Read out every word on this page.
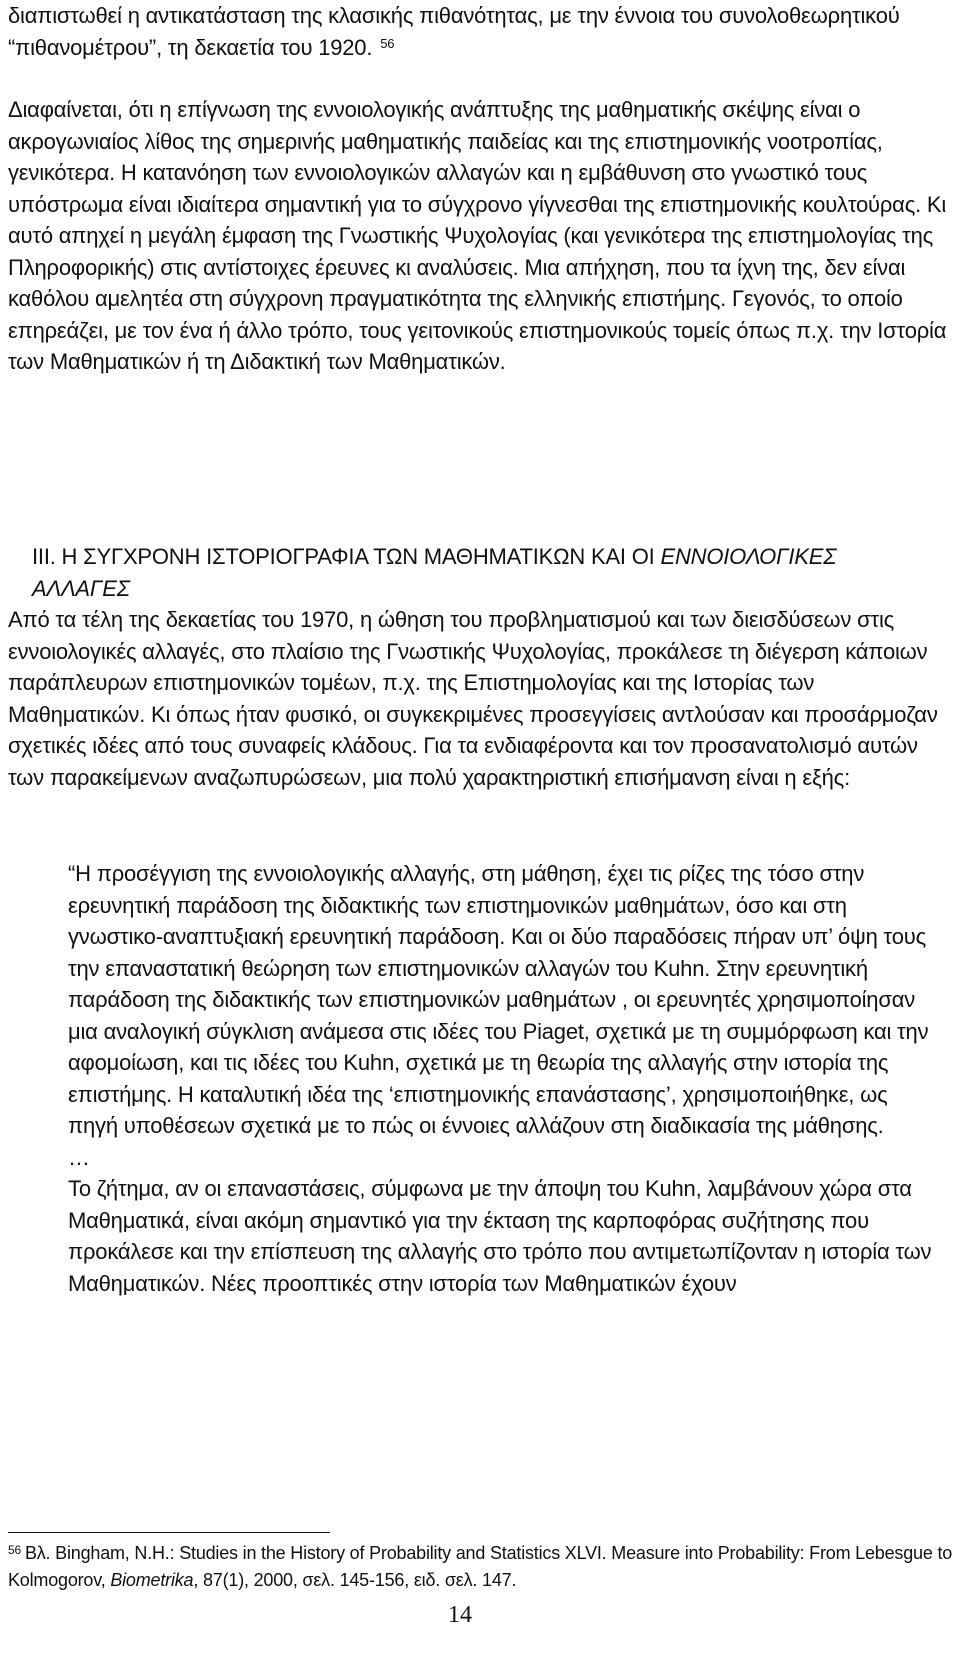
διαπιστωθεί η αντικατάσταση της κλασικής πιθανότητας, με την έννοια του συνολοθεωρητικού “πιθανομέτρου”, τη δεκαετία του 1920. $^{56}$

Διαφαίνεται, ότι η επίγνωση της εννοιολογικής ανάπτυξης της μαθηματικής σκέψης είναι ο ακρογωνιαίος λίθος της σημερινής μαθηματικής παιδείας και της επιστημονικής νοοτροπίας, γενικότερα. Η κατανόηση των εννοιολογικών αλλαγών και η εμβάθυνση στο γνωστικό τους υπόστρωμα είναι ιδιαίτερα σημαντική για το σύγχρονο γίγνεσθαι της επιστημονικής κουλτούρας. Κι αυτό απηχεί η μεγάλη έμφαση της Γνωστικής Ψυχολογίας (και γενικότερα της επιστημολογίας της Πληροφορικής) στις αντίστοιχες έρευνες κι αναλύσεις. Μια απήχηση, που τα ίχνη της, δεν είναι καθόλου αμελητέα στη σύγχρονη πραγματικότητα της ελληνικής επιστήμης. Γεγονός, το οποίο επηρεάζει, με τον ένα ή άλλο τρόπο, τους γειτονικούς επιστημονικούς τομείς όπως π.χ. την Ιστορία των Μαθηματικών ή τη Διδακτική των Μαθηματικών.

ΙΙΙ. Η ΣΥΓΧΡΟΝΗ ΙΣΤΟΡΙΟΓΡΑΦΙΑ ΤΩΝ ΜΑΘΗΜΑΤΙΚΩΝ ΚΑΙ ΟΙ ΕΝΝΟΙΟΛΟΓΙΚΕΣ ΑΛΛΑΓΕΣ

Από τα τέλη της δεκαετίας του 1970, η ώθηση του προβληματισμού και των διεισδύσεων στις εννοιολογικές αλλαγές, στο πλαίσιο της Γνωστικής Ψυχολογίας, προκάλεσε τη διέγερση κάποιων παράπλευρων επιστημονικών τομέων, π.χ. της Επιστημολογίας και της Ιστορίας των Μαθηματικών. Κι όπως ήταν φυσικό, οι συγκεκριμένες προσεγγίσεις αντλούσαν και προσάρμοζαν σχετικές ιδέες από τους συναφείς κλάδους. Για τα ενδιαφέροντα και τον προσανατολισμό αυτών των παρακείμενων αναζωπυρώσεων, μια πολύ χαρακτηριστική επισήμανση είναι η εξής:

“Η προσέγγιση της εννοιολογικής αλλαγής, στη μάθηση, έχει τις ρίζες της τόσο στην ερευνητική παράδοση της διδακτικής των επιστημονικών μαθημάτων, όσο και στη γνωστικο-αναπτυξιακή ερευνητική παράδοση. Και οι δύο παραδόσεις πήραν υπ’ όψη τους την επαναστατική θεώρηση των επιστημονικών αλλαγών του Kuhn. Στην ερευνητική παράδοση της διδακτικής των επιστημονικών μαθημάτων , οι ερευνητές χρησιμοποίησαν μια αναλογική σύγκλιση ανάμεσα στις ιδέες του Piaget, σχετικά με τη συμμόρφωση και την αφομοίωση, και τις ιδέες του Kuhn, σχετικά με τη θεωρία της αλλαγής στην ιστορία της επιστήμης. Η καταλυτική ιδέα της ‘επιστημονικής επανάστασης’, χρησιμοποιήθηκε, ως πηγή υποθέσεων σχετικά με το πώς οι έννοιες αλλάζουν στη διαδικασία της μάθησης.
…
Το ζήτημα, αν οι επαναστάσεις, σύμφωνα με την άποψη του Kuhn, λαμβάνουν χώρα στα Μαθηματικά, είναι ακόμη σημαντικό για την έκταση της καρποφόρας συζήτησης που προκάλεσε και την επίσπευση της αλλαγής στο τρόπο που αντιμετωπίζονταν η ιστορία των Μαθηματικών. Νέες προοπτικές στην ιστορία των Μαθηματικών έχουν
$^{56}$ Βλ. Bingham, N.H.: Studies in the History of Probability and Statistics XLVI. Measure into Probability: From Lebesgue to Kolmogorov, Biometrika, 87(1), 2000, σελ. 145-156, ειδ. σελ. 147.
14
